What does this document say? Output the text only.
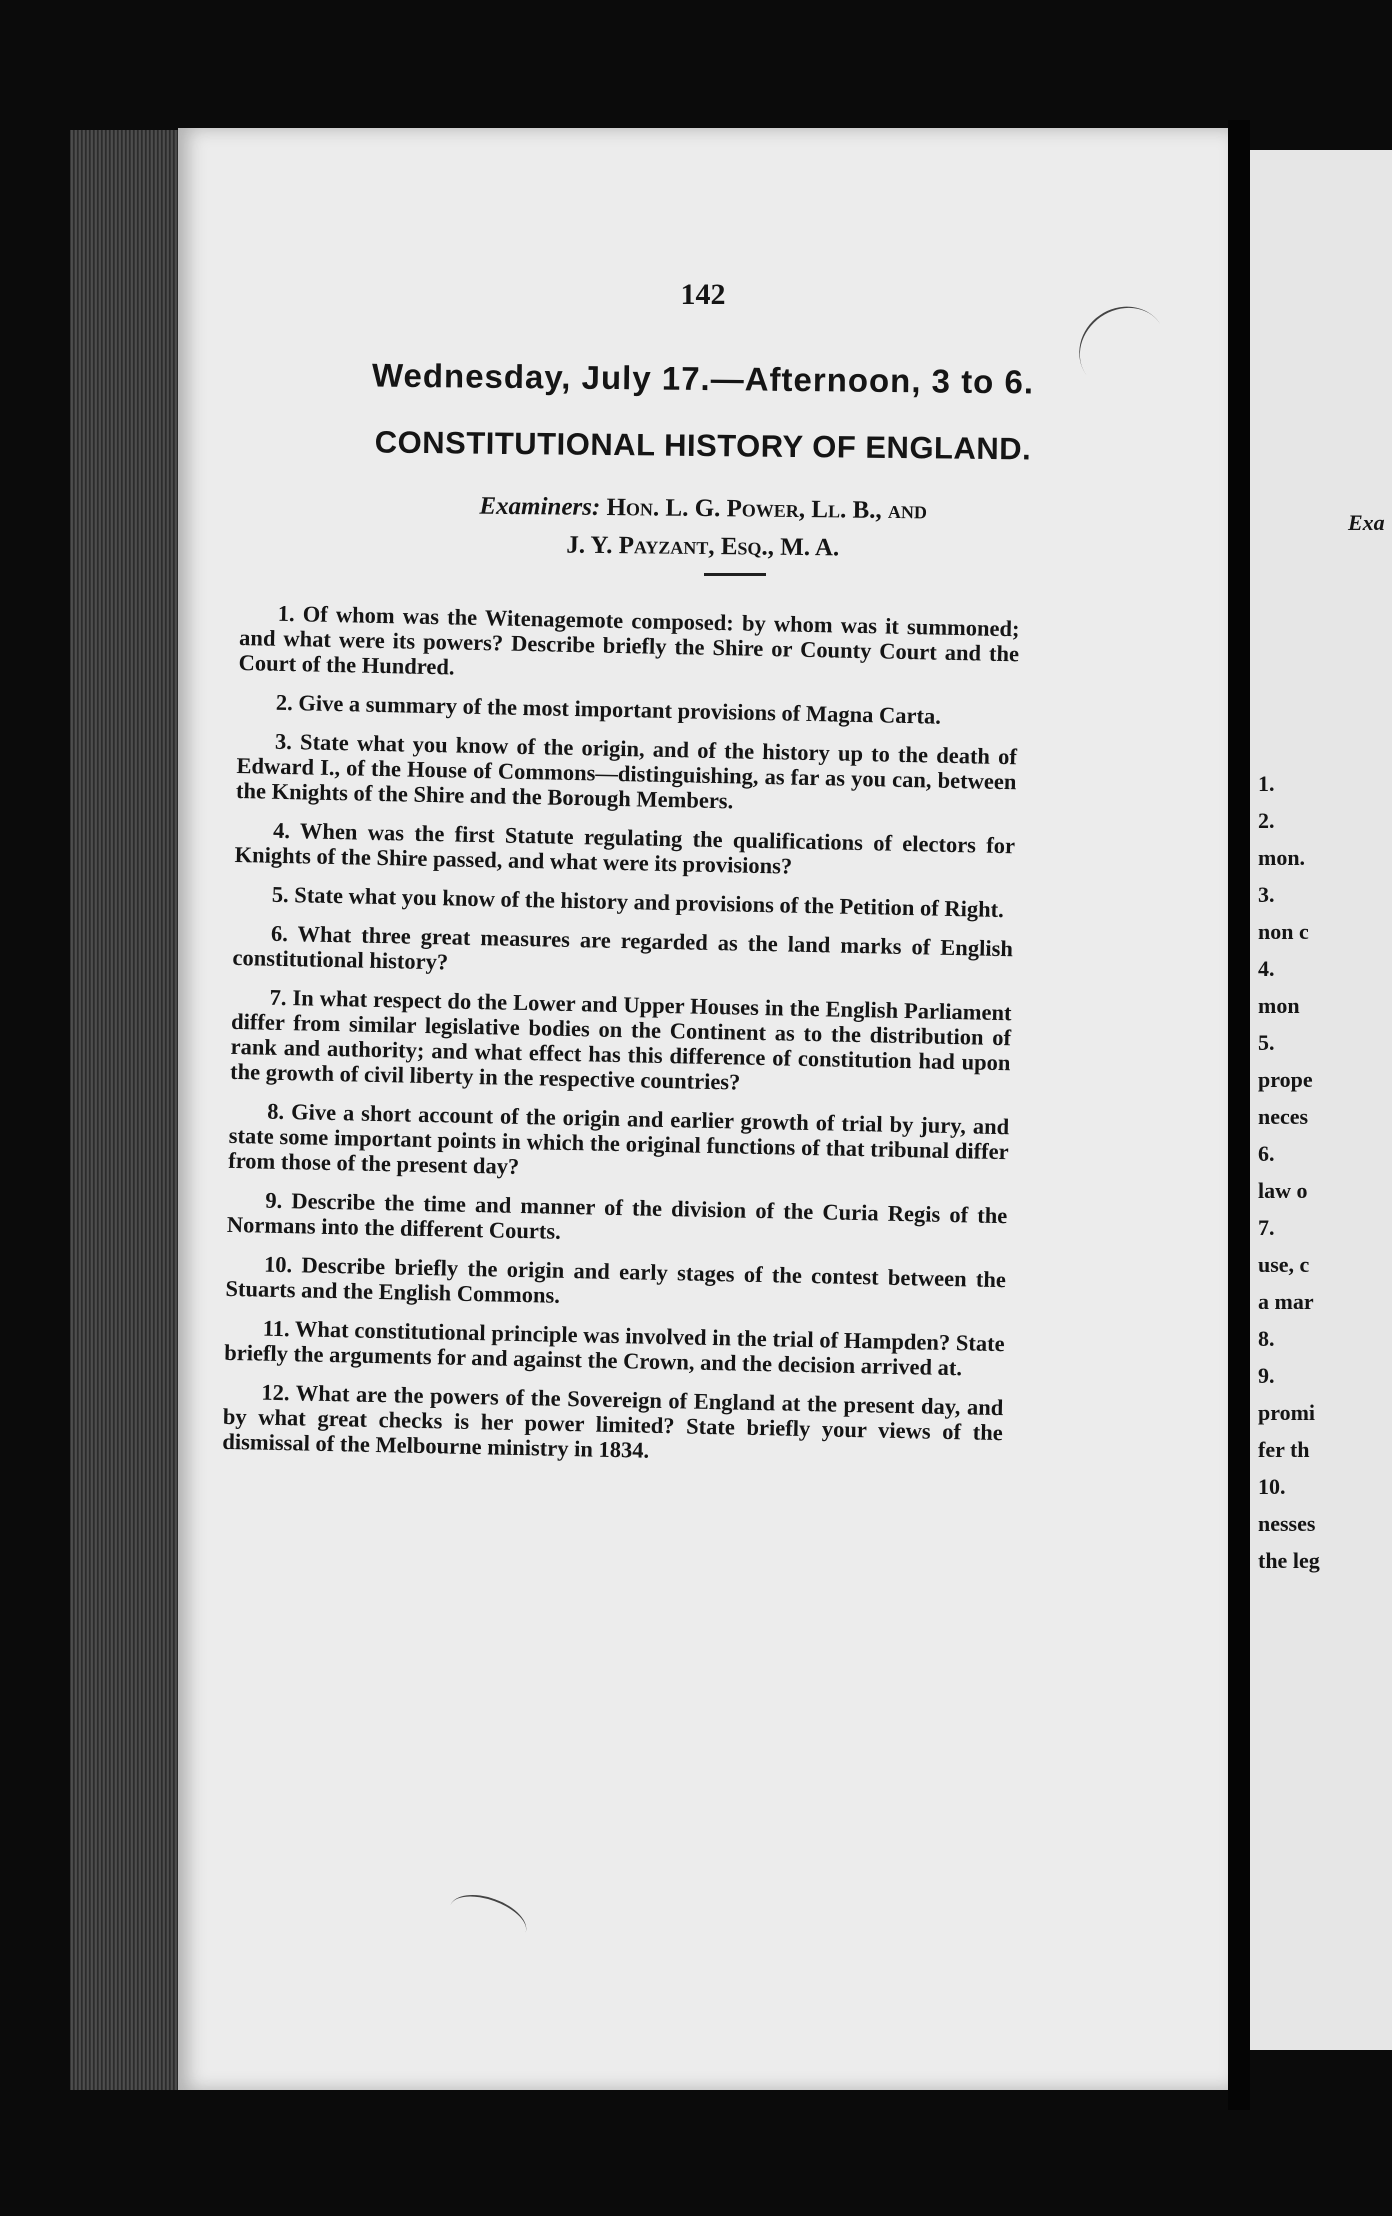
142
Wednesday, July 17.—Afternoon, 3 to 6.
CONSTITUTIONAL HISTORY OF ENGLAND.
Examiners: Hon. L. G. Power, Ll. B., and
J. Y. Payzant, Esq., M. A.

1. Of whom was the Witenagemote composed: by whom was it summoned; and what were its powers? Describe briefly the Shire or County Court and the Court of the Hundred.

2. Give a summary of the most important provisions of Magna Carta.

3. State what you know of the origin, and of the history up to the death of Edward I., of the House of Commons—distinguishing, as far as you can, between the Knights of the Shire and the Borough Members.

4. When was the first Statute regulating the qualifications of electors for Knights of the Shire passed, and what were its provisions?

5. State what you know of the history and provisions of the Petition of Right.

6. What three great measures are regarded as the land marks of English constitutional history?

7. In what respect do the Lower and Upper Houses in the English Parliament differ from similar legislative bodies on the Continent as to the distribution of rank and authority; and what effect has this difference of constitution had upon the growth of civil liberty in the respective countries?

8. Give a short account of the origin and earlier growth of trial by jury, and state some important points in which the original functions of that tribunal differ from those of the present day?

9. Describe the time and manner of the division of the Curia Regis of the Normans into the different Courts.

10. Describe briefly the origin and early stages of the contest between the Stuarts and the English Commons.

11. What constitutional principle was involved in the trial of Hampden? State briefly the arguments for and against the Crown, and the decision arrived at.

12. What are the powers of the Sovereign of England at the present day, and by what great checks is her power limited? State briefly your views of the dismissal of the Melbourne ministry in 1834.

Exa
1.
2.
mon.
3.
non c
4.
mon
5.
prope
neces
6.
law o
7.
use, c
a mar
8.
9.
promi
fer th
10.
nesses
the leg
